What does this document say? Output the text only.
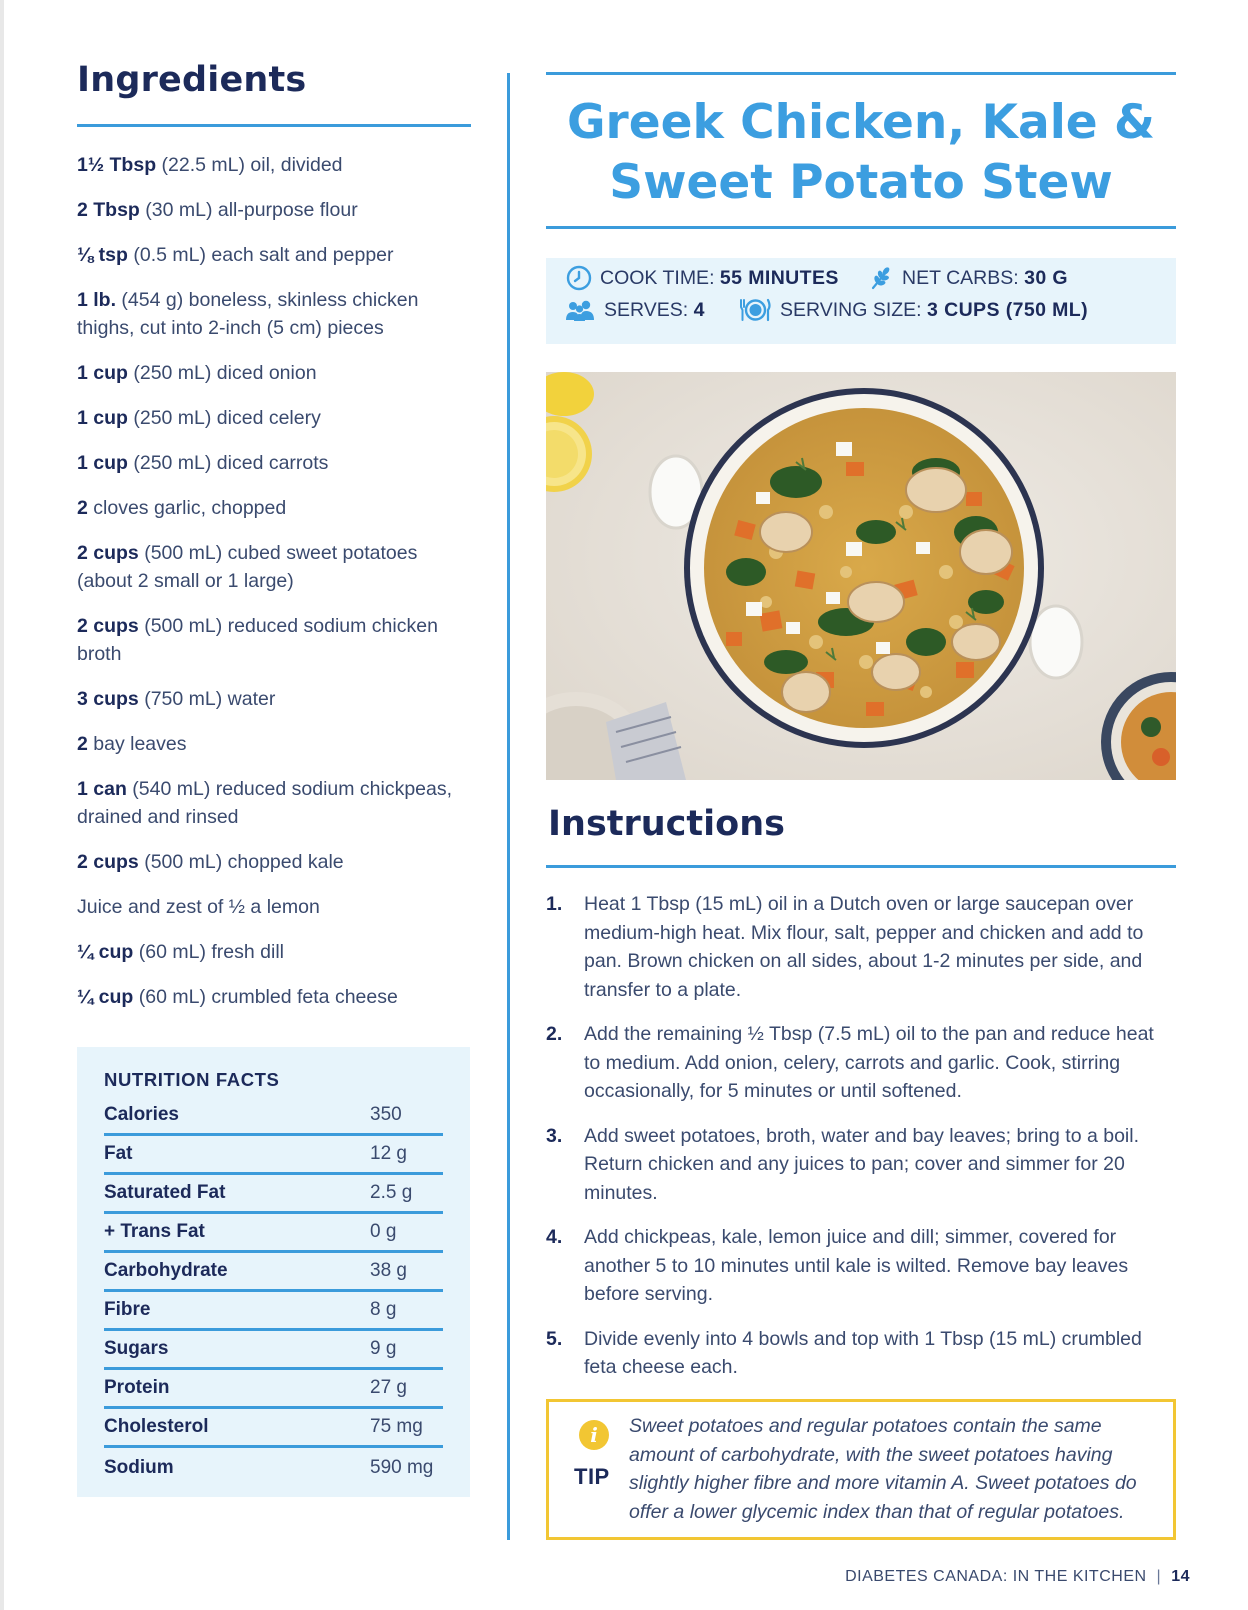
Ingredients
1½ Tbsp (22.5 mL) oil, divided
2 Tbsp (30 mL) all-purpose flour
⅛ tsp (0.5 mL) each salt and pepper
1 lb. (454 g) boneless, skinless chicken thighs, cut into 2-inch (5 cm) pieces
1 cup (250 mL) diced onion
1 cup (250 mL) diced celery
1 cup (250 mL) diced carrots
2 cloves garlic, chopped
2 cups (500 mL) cubed sweet potatoes (about 2 small or 1 large)
2 cups (500 mL) reduced sodium chicken broth
3 cups (750 mL) water
2 bay leaves
1 can (540 mL) reduced sodium chickpeas, drained and rinsed
2 cups (500 mL) chopped kale
Juice and zest of ½ a lemon
¼ cup (60 mL) fresh dill
¼ cup (60 mL) crumbled feta cheese
NUTRITION FACTS
Calories	350
Fat	12 g
Saturated Fat	2.5 g
+ Trans Fat	0 g
Carbohydrate	38 g
Fibre	8 g
Sugars	9 g
Protein	27 g
Cholesterol	75 mg
Sodium	590 mg
Greek Chicken, Kale &
Sweet Potato Stew
COOK TIME:
55 MINUTES	NET CARBS:
30 G
SERVES:
4	SERVING SIZE:
3 CUPS (750 ML)
Instructions
1.	Heat 1 Tbsp (15 mL) oil in a Dutch oven or large saucepan over medium-high heat. Mix flour, salt, pepper and chicken and add to pan. Brown chicken on all sides, about 1-2 minutes per side, and transfer to a plate.
2.	Add the remaining ½ Tbsp (7.5 mL) oil to the pan and reduce heat to medium. Add onion, celery, carrots and garlic. Cook, stirring occasionally, for 5 minutes or until softened.
3.	Add sweet potatoes, broth, water and bay leaves; bring to a boil. Return chicken and any juices to pan; cover and simmer for 20 minutes.
4.	Add chickpeas, kale, lemon juice and dill; simmer, covered for another 5 to 10 minutes until kale is wilted. Remove bay leaves before serving.
5.	Divide evenly into 4 bowls and top with 1 Tbsp (15 mL) crumbled feta cheese each.
i
TIP
Sweet potatoes and regular potatoes contain the same amount of carbohydrate, with the sweet potatoes having slightly higher fibre and more vitamin A. Sweet potatoes do offer a lower glycemic index than that of regular potatoes.
DIABETES CANADA: IN THE KITCHEN | 14
